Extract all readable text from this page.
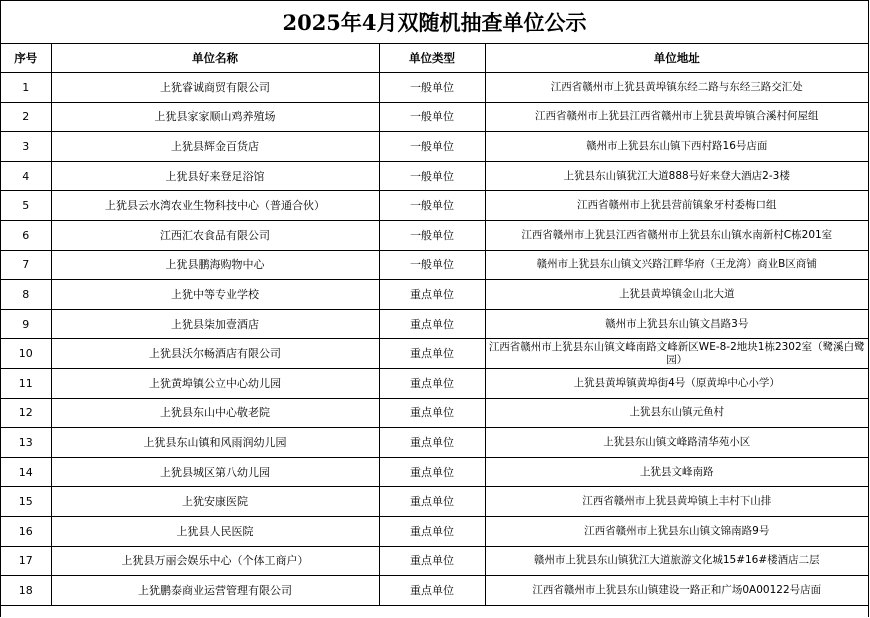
2025年4月双随机抽查单位公示
序号	单位名称	单位类型	单位地址
1	上犹睿诚商贸有限公司	一般单位	江西省赣州市上犹县黄埠镇东经二路与东经三路交汇处
2	上犹县家家顺山鸡养殖场	一般单位	江西省赣州市上犹县江西省赣州市上犹县黄埠镇合溪村何屋组
3	上犹县辉金百货店	一般单位	赣州市上犹县东山镇下西村路16号店面
4	上犹县好来登足浴馆	一般单位	上犹县东山镇犹江大道888号好来登大酒店2-3楼
5	上犹县云水湾农业生物科技中心（普通合伙）	一般单位	江西省赣州市上犹县营前镇象牙村委梅口组
6	江西汇农食品有限公司	一般单位	江西省赣州市上犹县江西省赣州市上犹县东山镇水南新村C栋201室
7	上犹县鹏海购物中心	一般单位	赣州市上犹县东山镇文兴路江畔华府（王龙湾）商业B区商铺
8	上犹中等专业学校	重点单位	上犹县黄埠镇金山北大道
9	上犹县柒加壹酒店	重点单位	赣州市上犹县东山镇文昌路3号
10	上犹县沃尔畅酒店有限公司	重点单位	江西省赣州市上犹县东山镇文峰南路文峰新区WE-8-2地块1栋2302室（鹭溪白鹭园）
11	上犹黄埠镇公立中心幼儿园	重点单位	上犹县黄埠镇黄埠街4号（原黄埠中心小学）
12	上犹县东山中心敬老院	重点单位	上犹县东山镇元鱼村
13	上犹县东山镇和风雨润幼儿园	重点单位	上犹县东山镇文峰路清华苑小区
14	上犹县城区第八幼儿园	重点单位	上犹县文峰南路
15	上犹安康医院	重点单位	江西省赣州市上犹县黄埠镇上丰村下山排
16	上犹县人民医院	重点单位	江西省赣州市上犹县东山镇文锦南路9号
17	上犹县万丽会娱乐中心（个体工商户）	重点单位	赣州市上犹县东山镇犹江大道旅游文化城15#16#楼酒店二层
18	上犹鹏泰商业运营管理有限公司	重点单位	江西省赣州市上犹县东山镇建设一路正和广场0A00122号店面
